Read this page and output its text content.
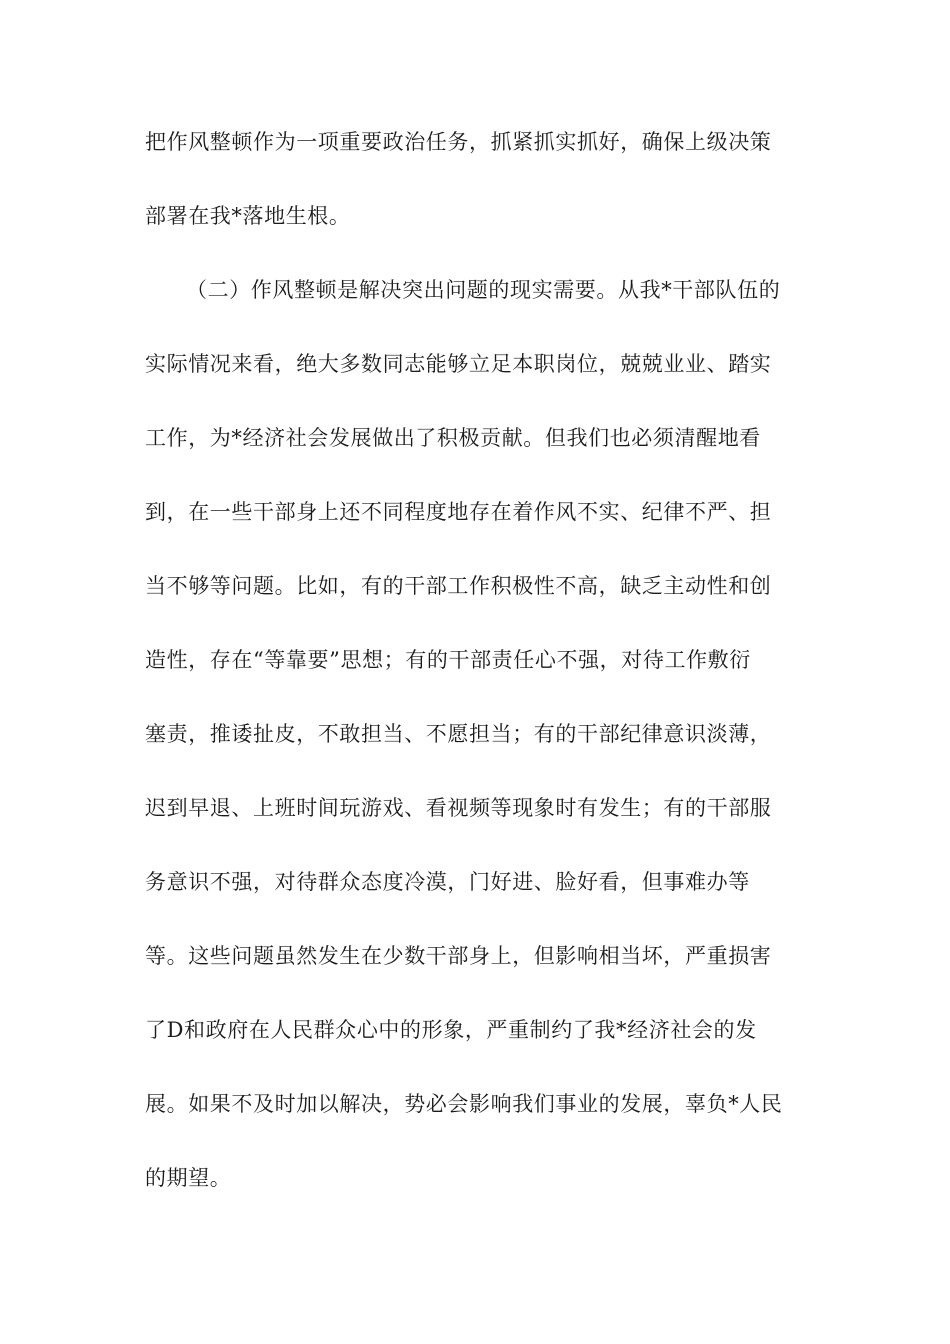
把作风整顿作为一项重要政治任务，抓紧抓实抓好，确保上级决策
部署在我*落地生根。
（二）作风整顿是解决突出问题的现实需要。从我*干部队伍的
实际情况来看，绝大多数同志能够立足本职岗位，兢兢业业、踏实
工作，为*经济社会发展做出了积极贡献。但我们也必须清醒地看
到，在一些干部身上还不同程度地存在着作风不实、纪律不严、担
当不够等问题。比如，有的干部工作积极性不高，缺乏主动性和创
造性，存在“等靠要”思想；有的干部责任心不强，对待工作敷衍
塞责，推诿扯皮，不敢担当、不愿担当；有的干部纪律意识淡薄，
迟到早退、上班时间玩游戏、看视频等现象时有发生；有的干部服
务意识不强，对待群众态度冷漠，门好进、脸好看，但事难办等
等。这些问题虽然发生在少数干部身上，但影响相当坏，严重损害
了D和政府在人民群众心中的形象，严重制约了我*经济社会的发
展。如果不及时加以解决，势必会影响我们事业的发展，辜负*人民
的期望。
